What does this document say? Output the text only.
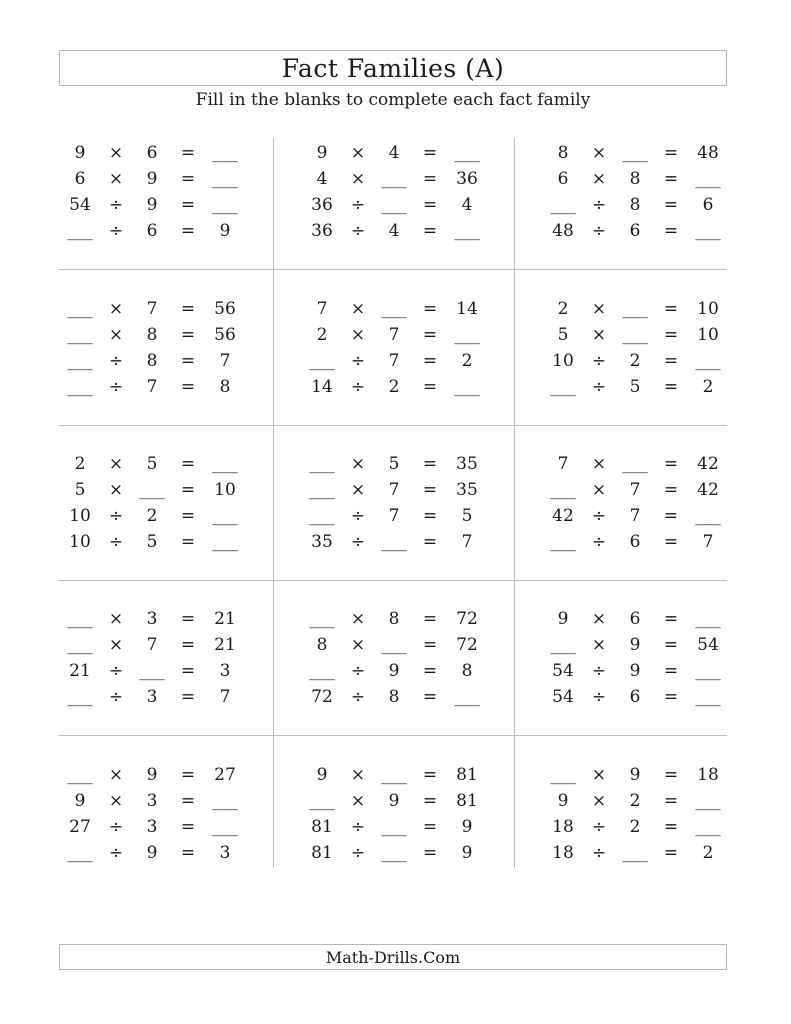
Fact Families (A)
Fill in the blanks to complete each fact family
9	×	6	=	___
6	×	9	=	___
54	÷	9	=	___
___ ÷	6	=	9
9	×	4	=	___
4	× ___ =	36
36	÷ ___ =	4
36	÷	4	=	___
8	× ___ =	48
6	×	8	=	___
___ ÷	8	=	6
48	÷	6	=	___
___ ×	7	=	56
___ ×	8	=	56
___ ÷	8	=	7
___ ÷	7	=	8
7	× ___ =	14
2	×	7	=	___
___ ÷	7	=	2
14	÷	2	=	___
2	× ___ =	10
5	× ___ =	10
10	÷	2	=	___
___ ÷	5	=	2
2	×	5	=	___
5	× ___ =	10
10	÷	2	=	___
10	÷	5	=	___
___ ×	5	=	35
___ ×	7	=	35
___ ÷	7	=	5
35	÷ ___ =	7
7	× ___ =	42
___ ×	7	=	42
42	÷	7	=	___
___ ÷	6	=	7
___ ×	3	=	21
___ ×	7	=	21
21	÷ ___ =	3
___ ÷	3	=	7
___ ×	8	=	72
8	× ___ =	72
___ ÷	9	=	8
72	÷	8	=	___
9	×	6	=	___
___ ×	9	=	54
54	÷	9	=	___
54	÷	6	=	___
___ ×	9	=	27
9	×	3	=	___
27	÷	3	=	___
___ ÷	9	=	3
9	× ___ =	81
___ ×	9	=	81
81	÷ ___ =	9
81	÷ ___ =	9
___ ×	9	=	18
9	×	2	=	___
18	÷	2	=	___
18	÷ ___ =	2
Math-Drills.Com
